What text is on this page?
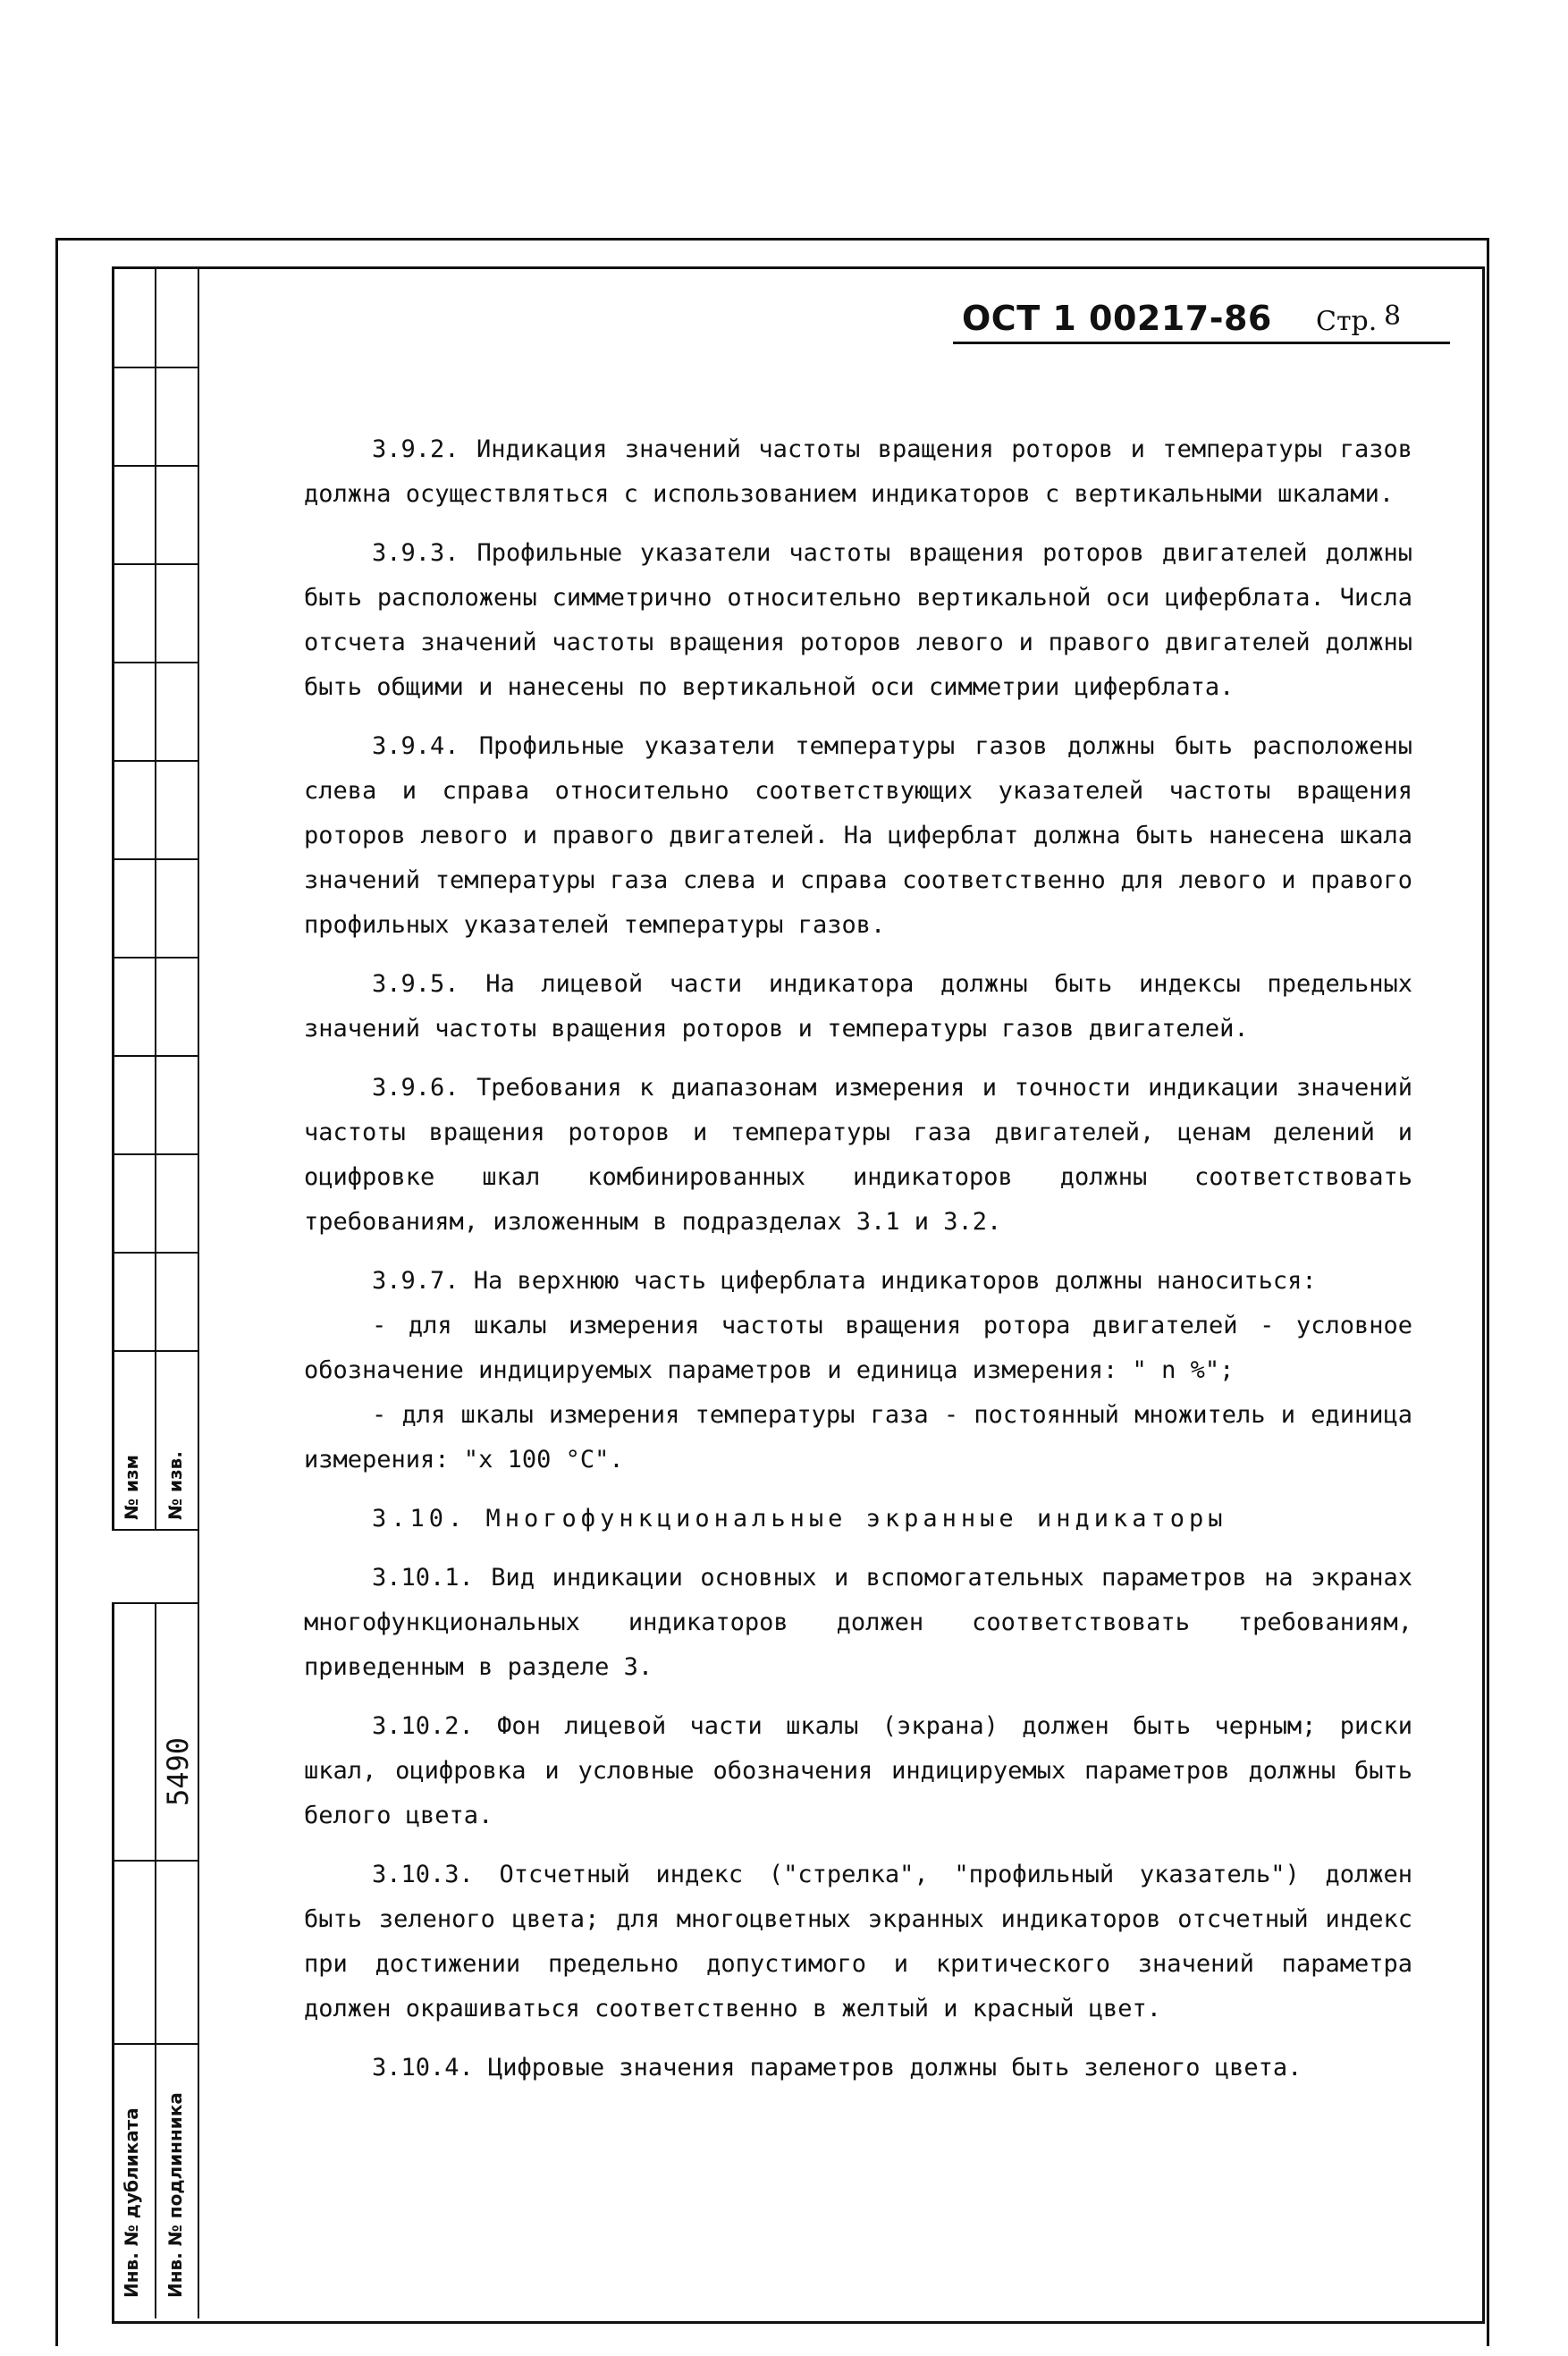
№ изм № изв.
5490
Инв. № дубликата Инв. № подлинника
ОСТ 1 00217-86 Стр. 8

3.9.2. Индикация значений частоты вращения роторов и температуры газов должна осуществляться с использованием индикаторов с вертикальными шкалами.

3.9.3. Профильные указатели частоты вращения роторов двигателей должны быть расположены симметрично относительно вертикальной оси циферблата. Числа отсчета значений частоты вращения роторов левого и правого двигателей должны быть общими и нанесены по вертикальной оси симметрии циферблата.

3.9.4. Профильные указатели температуры газов должны быть расположены слева и справа относительно соответствующих указателей частоты вращения роторов левого и правого двигателей. На циферблат должна быть нанесена шкала значений температуры газа слева и справа соответственно для левого и правого профильных указателей температуры газов.

3.9.5. На лицевой части индикатора должны быть индексы предельных значений частоты вращения роторов и температуры газов двигателей.

3.9.6. Требования к диапазонам измерения и точности индикации значений частоты вращения роторов и температуры газа двигателей, ценам делений и оцифровке шкал комбинированных индикаторов должны соответствовать требованиям, изложенным в подразделах 3.1 и 3.2.

3.9.7. На верхнюю часть циферблата индикаторов должны наноситься:

- для шкалы измерения частоты вращения ротора двигателей - условное обозначение индицируемых параметров и единица измерения: " n %";

- для шкалы измерения температуры газа - постоянный множитель и единица измерения: "x 100 °C".

3.10. Многофункциональные экранные индикаторы

3.10.1. Вид индикации основных и вспомогательных параметров на экранах многофункциональных индикаторов должен соответствовать требованиям, приведенным в разделе 3.

3.10.2. Фон лицевой части шкалы (экрана) должен быть черным; риски шкал, оцифровка и условные обозначения индицируемых параметров должны быть белого цвета.

3.10.3. Отсчетный индекс ("стрелка", "профильный указатель") должен быть зеленого цвета; для многоцветных экранных индикаторов отсчетный индекс при достижении предельно допустимого и критического значений параметра должен окрашиваться соответственно в желтый и красный цвет.

3.10.4. Цифровые значения параметров должны быть зеленого цвета.
